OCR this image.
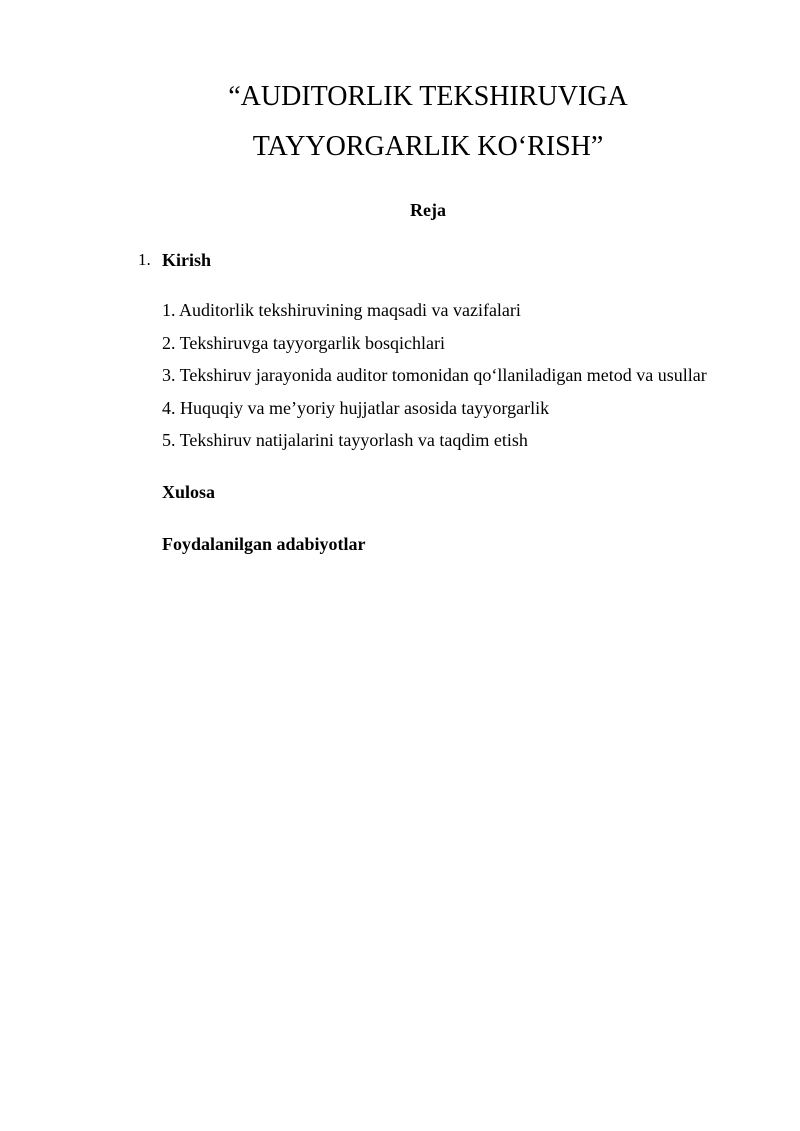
“AUDITORLIK TEKSHIRUVIGA
TAYYORGARLIK KO‘RISH”
Reja
1. Kirish
1. Auditorlik tekshiruvining maqsadi va vazifalari
2. Tekshiruvga tayyorgarlik bosqichlari
3. Tekshiruv jarayonida auditor tomonidan qo‘llaniladigan metod va usullar
4. Huquqiy va me’yoriy hujjatlar asosida tayyorgarlik
5. Tekshiruv natijalarini tayyorlash va taqdim etish
Xulosa
Foydalanilgan adabiyotlar
